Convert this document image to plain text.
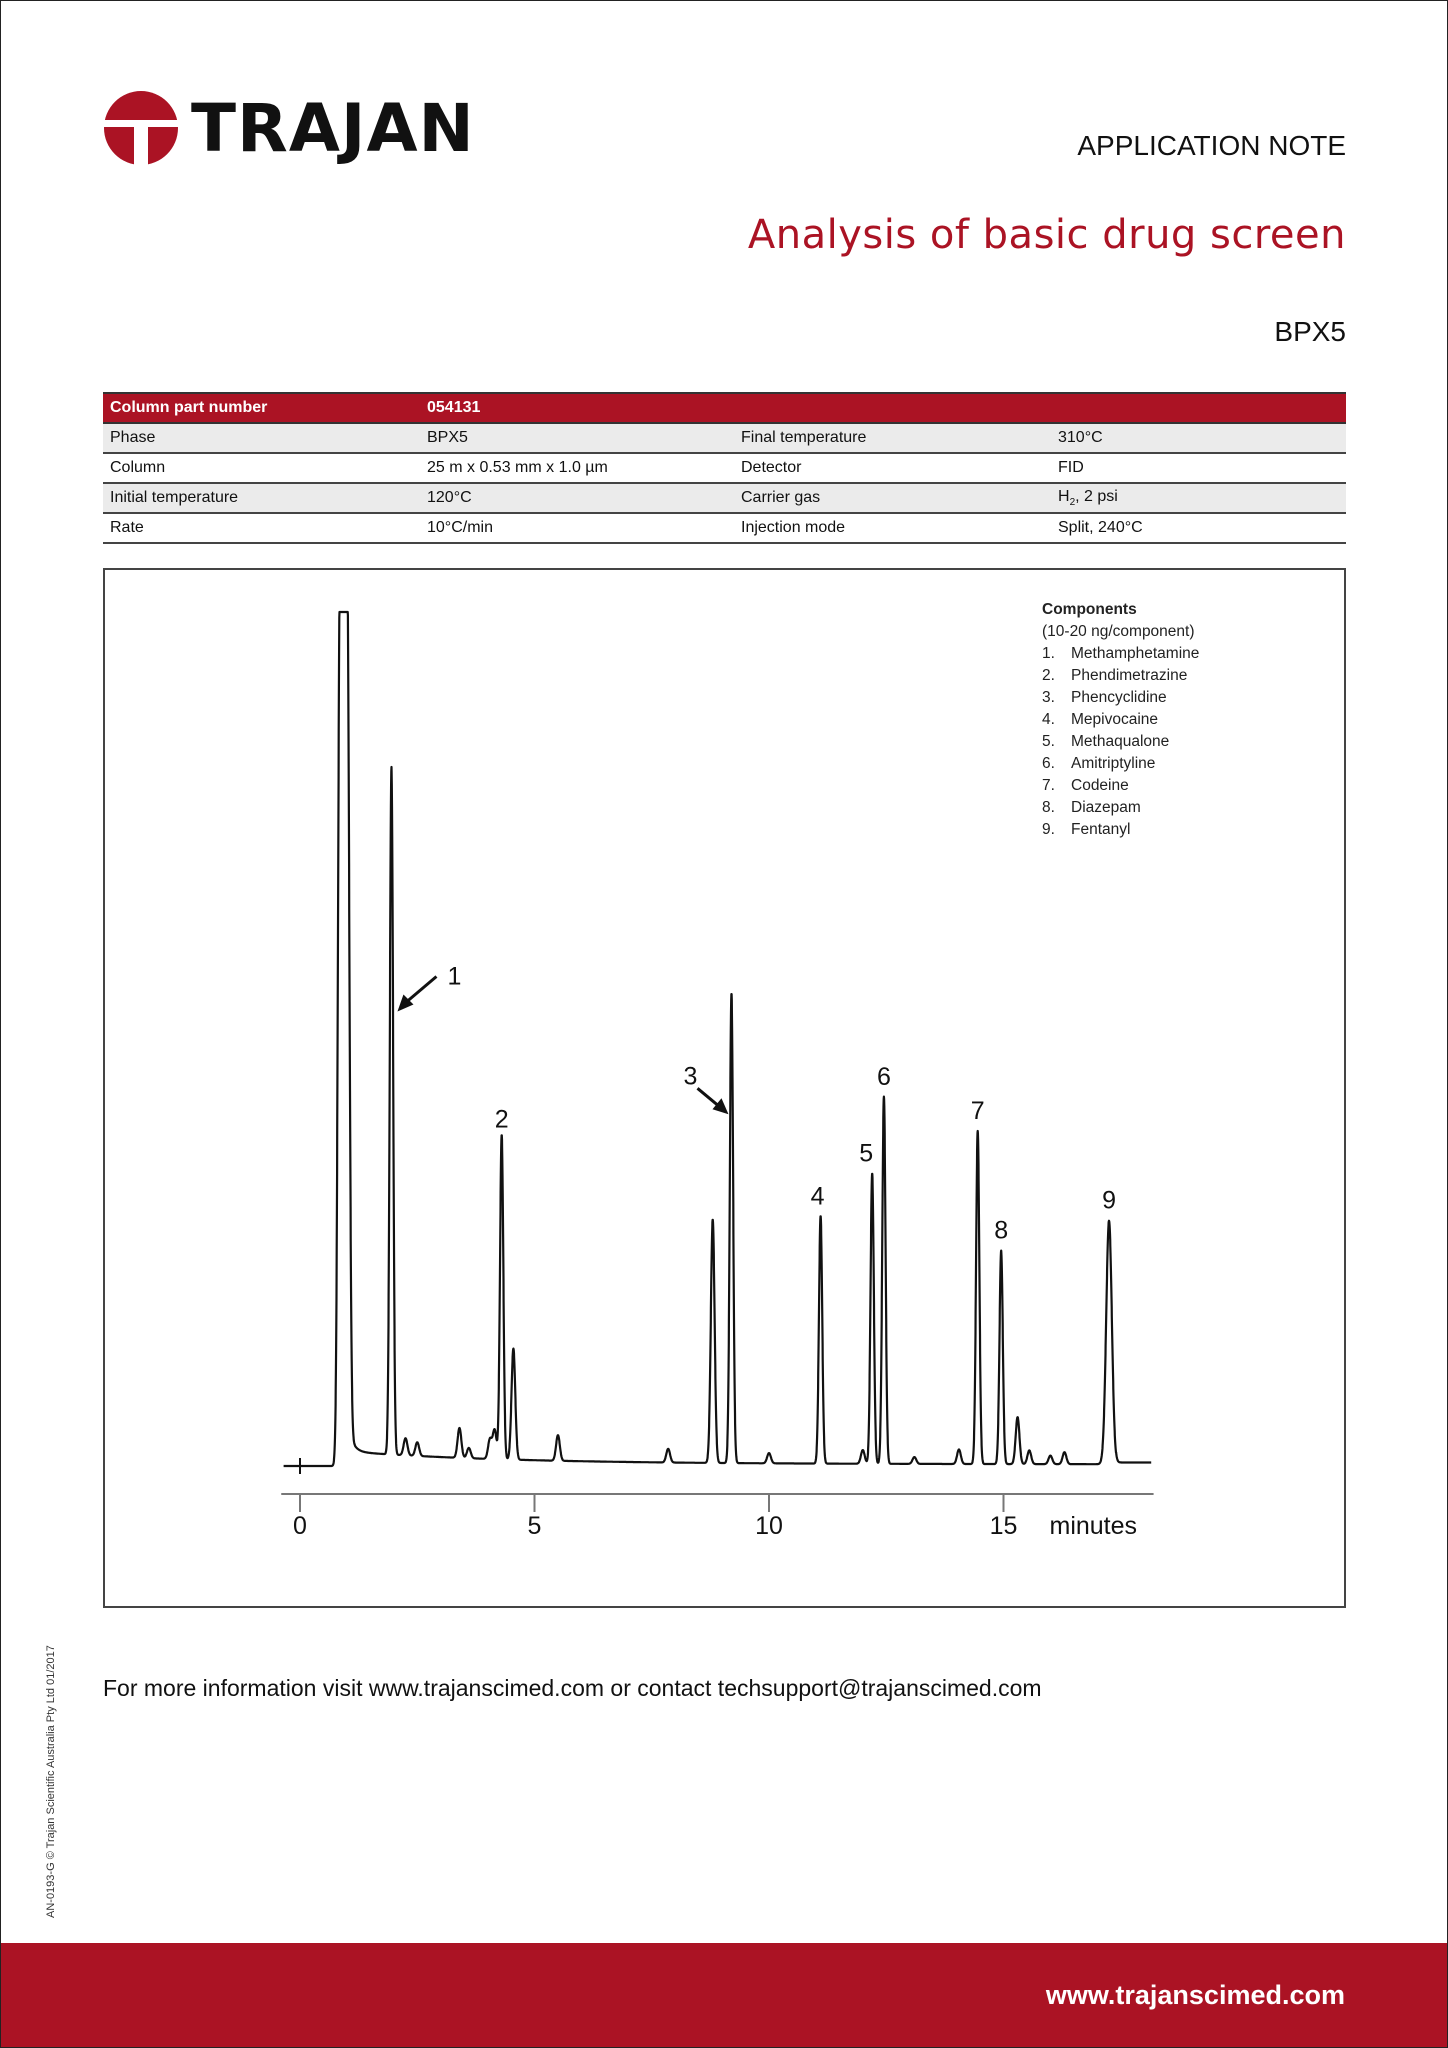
TRAJAN	APPLICATION NOTE
Analysis of basic drug screen
BPX5
Column part number	054131		
Phase	BPX5	Final temperature	310°C
Column	25 m x 0.53 mm x 1.0 µm	Detector	FID
Initial temperature	120°C	Carrier gas	$H_2$, 2 psi
Rate	10°C/min	Injection mode	Split, 240°C
0	5	10	15
1
2
3
4
5
6
7
8
9
minutes
Components
(10-20 ng/component)
1. Methamphetamine
2. Phendimetrazine
3. Phencyclidine
4. Mepivocaine
5. Methaqualone
6. Amitriptyline
7. Codeine
8. Diazepam
9. Fentanyl
For more information visit www.trajanscimed.com or contact techsupport@trajanscimed.com
AN-0193-G © Trajan Scientific Australia Pty Ltd 01/2017
www.trajanscimed.com
